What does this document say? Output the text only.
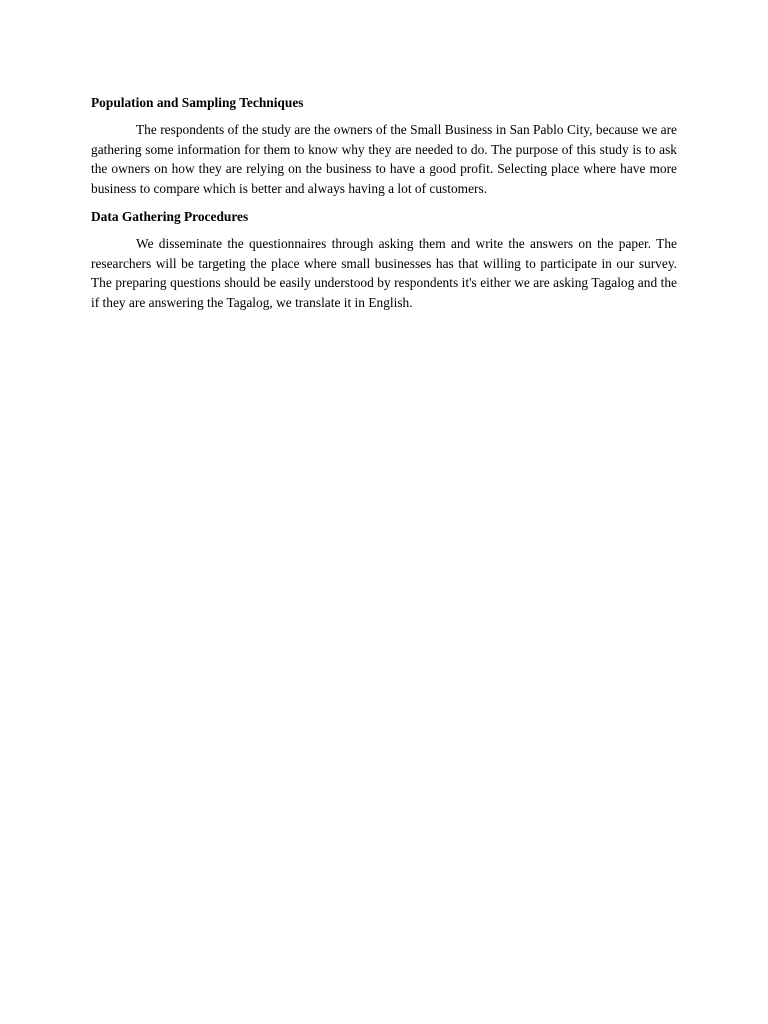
Population and Sampling Techniques

The respondents of the study are the owners of the Small Business in San Pablo City, because we are gathering some information for them to know why they are needed to do. The purpose of this study is to ask the owners on how they are relying on the business to have a good profit. Selecting place where have more business to compare which is better and always having a lot of customers.

Data Gathering Procedures

We disseminate the questionnaires through asking them and write the answers on the paper. The researchers will be targeting the place where small businesses has that willing to participate in our survey. The preparing questions should be easily understood by respondents it's either we are asking Tagalog and the if they are answering the Tagalog, we translate it in English.
